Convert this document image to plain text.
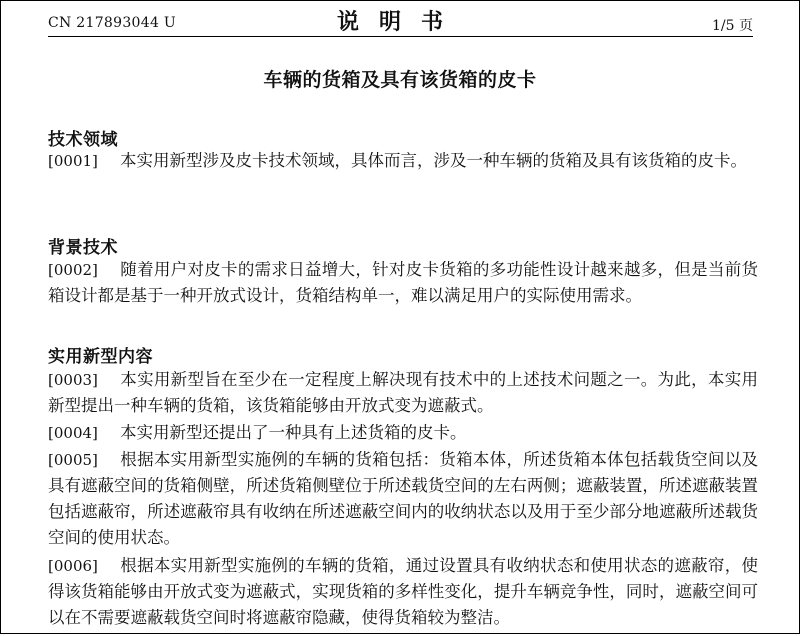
CN 217893044 U	说明书	1/5 页
车辆的货箱及具有该货箱的皮卡
技术领域
[0001] 本实用新型涉及皮卡技术领域，具体而言，涉及一种车辆的货箱及具有该货箱的皮卡。
背景技术
[0002] 随着用户对皮卡的需求日益增大，针对皮卡货箱的多功能性设计越来越多，但是当前货箱设计都是基于一种开放式设计，货箱结构单一，难以满足用户的实际使用需求。
实用新型内容
[0003] 本实用新型旨在至少在一定程度上解决现有技术中的上述技术问题之一。为此，本实用新型提出一种车辆的货箱，该货箱能够由开放式变为遮蔽式。
[0004] 本实用新型还提出了一种具有上述货箱的皮卡。
[0005] 根据本实用新型实施例的车辆的货箱包括：货箱本体，所述货箱本体包括载货空间以及具有遮蔽空间的货箱侧壁，所述货箱侧壁位于所述载货空间的左右两侧；遮蔽装置，所述遮蔽装置包括遮蔽帘，所述遮蔽帘具有收纳在所述遮蔽空间内的收纳状态以及用于至少部分地遮蔽所述载货空间的使用状态。
[0006] 根据本实用新型实施例的车辆的货箱，通过设置具有收纳状态和使用状态的遮蔽帘，使得该货箱能够由开放式变为遮蔽式，实现货箱的多样性变化，提升车辆竞争性，同时，遮蔽空间可以在不需要遮蔽载货空间时将遮蔽帘隐藏，使得货箱较为整洁。
